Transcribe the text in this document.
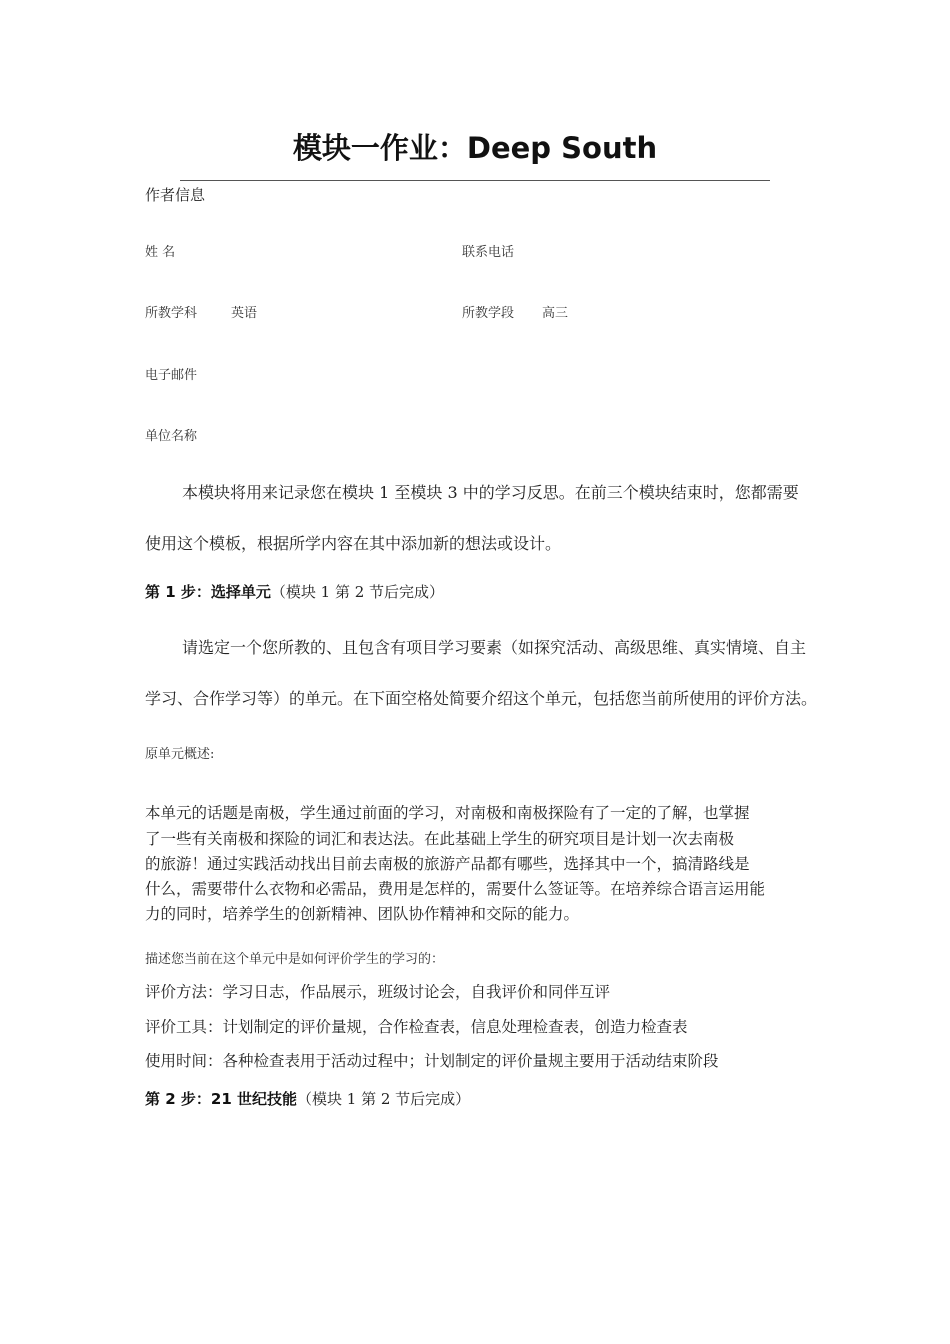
模块一作业：Deep South
作者信息
姓 名	联系电话
所教学科	英语	所教学段 高三
电子邮件
单位名称
本模块将用来记录您在模块 1 至模块 3 中的学习反思。在前三个模块结束时，您都需要
使用这个模板，根据所学内容在其中添加新的想法或设计。
第 1 步：选择单元（模块 1 第 2 节后完成）
请选定一个您所教的、且包含有项目学习要素（如探究活动、高级思维、真实情境、自主
学习、合作学习等）的单元。在下面空格处简要介绍这个单元，包括您当前所使用的评价方法。
原单元概述:
本单元的话题是南极，学生通过前面的学习，对南极和南极探险有了一定的了解，也掌握
了一些有关南极和探险的词汇和表达法。在此基础上学生的研究项目是计划一次去南极
的旅游！通过实践活动找出目前去南极的旅游产品都有哪些，选择其中一个，搞清路线是
什么，需要带什么衣物和必需品，费用是怎样的，需要什么签证等。在培养综合语言运用能
力的同时，培养学生的创新精神、团队协作精神和交际的能力。
描述您当前在这个单元中是如何评价学生的学习的：
评价方法：学习日志，作品展示，班级讨论会，自我评价和同伴互评
评价工具：计划制定的评价量规，合作检查表，信息处理检查表，创造力检查表
使用时间：各种检查表用于活动过程中；计划制定的评价量规主要用于活动结束阶段
第 2 步：21 世纪技能（模块 1 第 2 节后完成）
